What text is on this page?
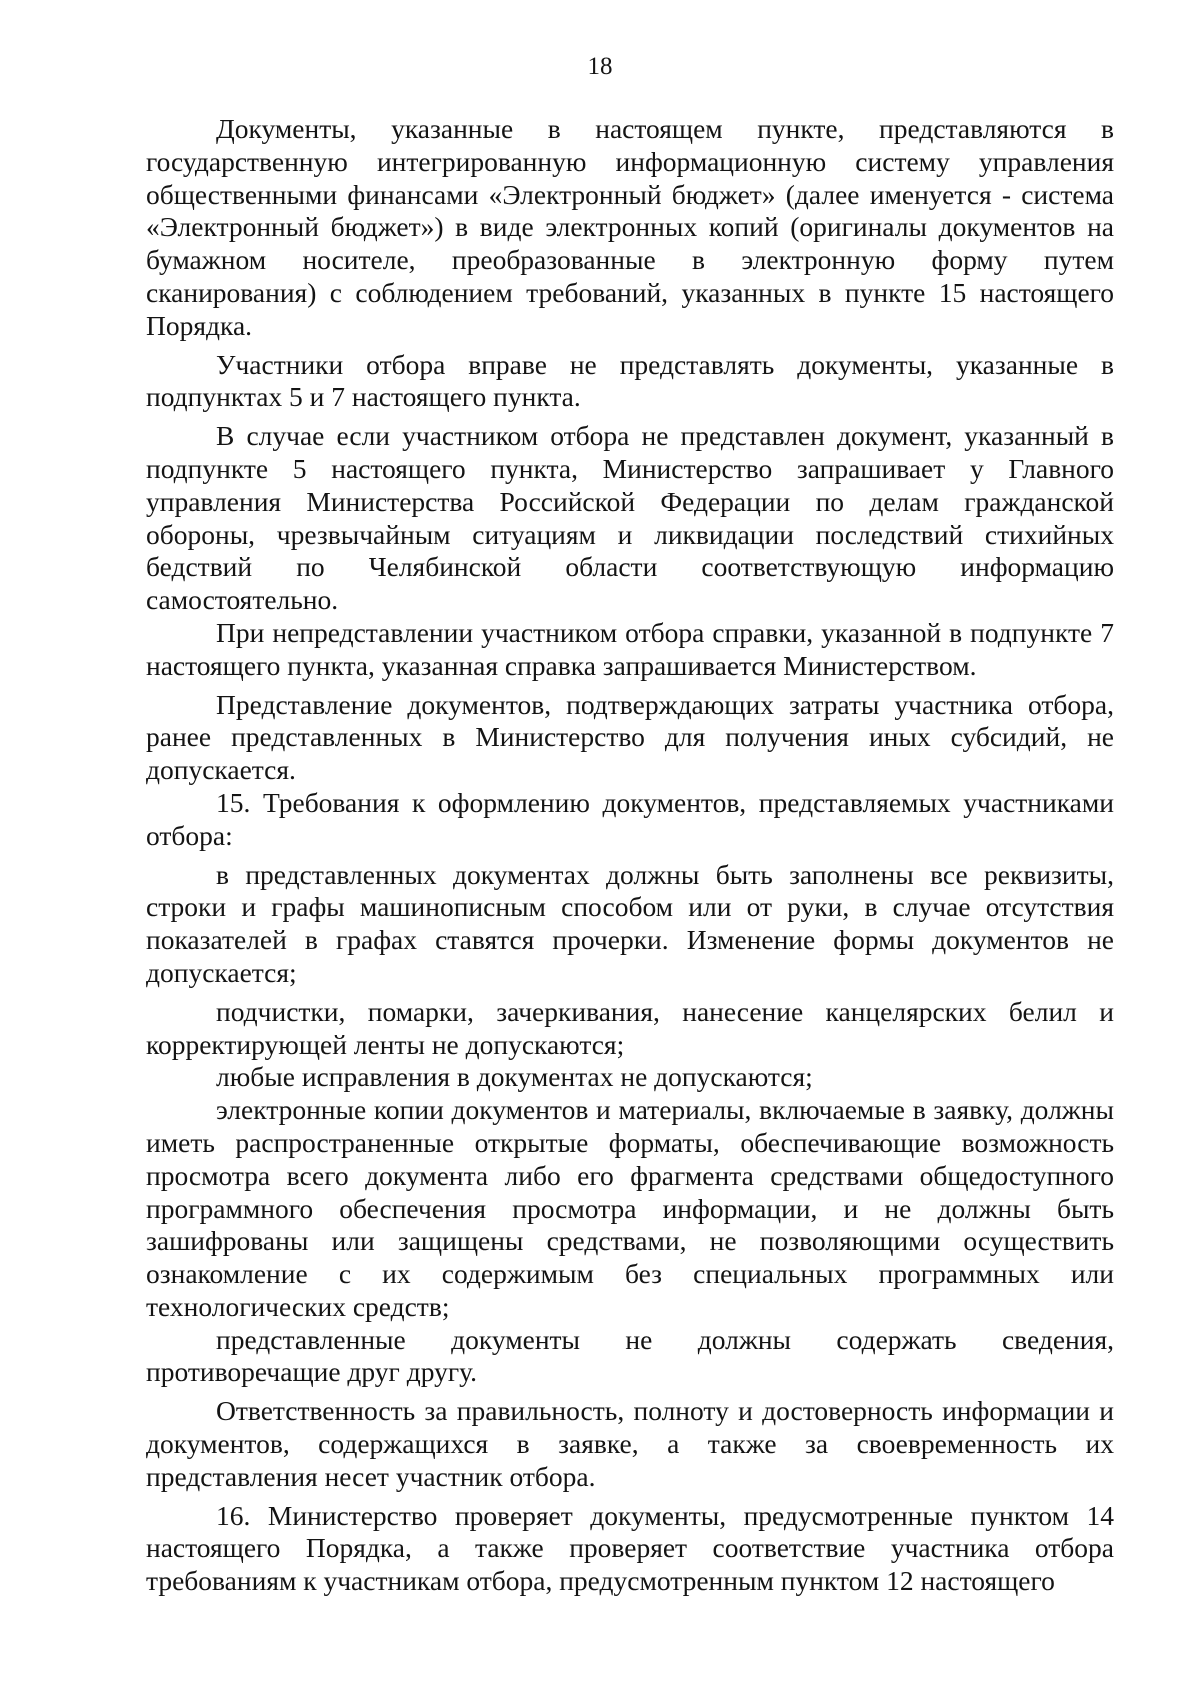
18

Документы, указанные в настоящем пункте, представляются в государственную интегрированную информационную систему управления общественными финансами «Электронный бюджет» (далее именуется - система «Электронный бюджет») в виде электронных копий (оригиналы документов на бумажном носителе, преобразованные в электронную форму путем сканирования) с соблюдением требований, указанных в пункте 15 настоящего Порядка.

Участники отбора вправе не представлять документы, указанные в подпунктах 5 и 7 настоящего пункта.

В случае если участником отбора не представлен документ, указанный в подпункте 5 настоящего пункта, Министерство запрашивает у Главного управления Министерства Российской Федерации по делам гражданской обороны, чрезвычайным ситуациям и ликвидации последствий стихийных бедствий по Челябинской области соответствующую информацию самостоятельно.

При непредставлении участником отбора справки, указанной в подпункте 7 настоящего пункта, указанная справка запрашивается Министерством.

Представление документов, подтверждающих затраты участника отбора, ранее представленных в Министерство для получения иных субсидий, не допускается.

15. Требования к оформлению документов, представляемых участниками отбора:

в представленных документах должны быть заполнены все реквизиты, строки и графы машинописным способом или от руки, в случае отсутствия показателей в графах ставятся прочерки. Изменение формы документов не допускается;

подчистки, помарки, зачеркивания, нанесение канцелярских белил и корректирующей ленты не допускаются;

любые исправления в документах не допускаются;

электронные копии документов и материалы, включаемые в заявку, должны иметь распространенные открытые форматы, обеспечивающие возможность просмотра всего документа либо его фрагмента средствами общедоступного программного обеспечения просмотра информации, и не должны быть зашифрованы или защищены средствами, не позволяющими осуществить ознакомление с их содержимым без специальных программных или технологических средств;

представленные документы не должны содержать сведения, противоречащие друг другу.

Ответственность за правильность, полноту и достоверность информации и документов, содержащихся в заявке, а также за своевременность их представления несет участник отбора.

16. Министерство проверяет документы, предусмотренные пунктом 14 настоящего Порядка, а также проверяет соответствие участника отбора требованиям к участникам отбора, предусмотренным пунктом 12 настоящего
